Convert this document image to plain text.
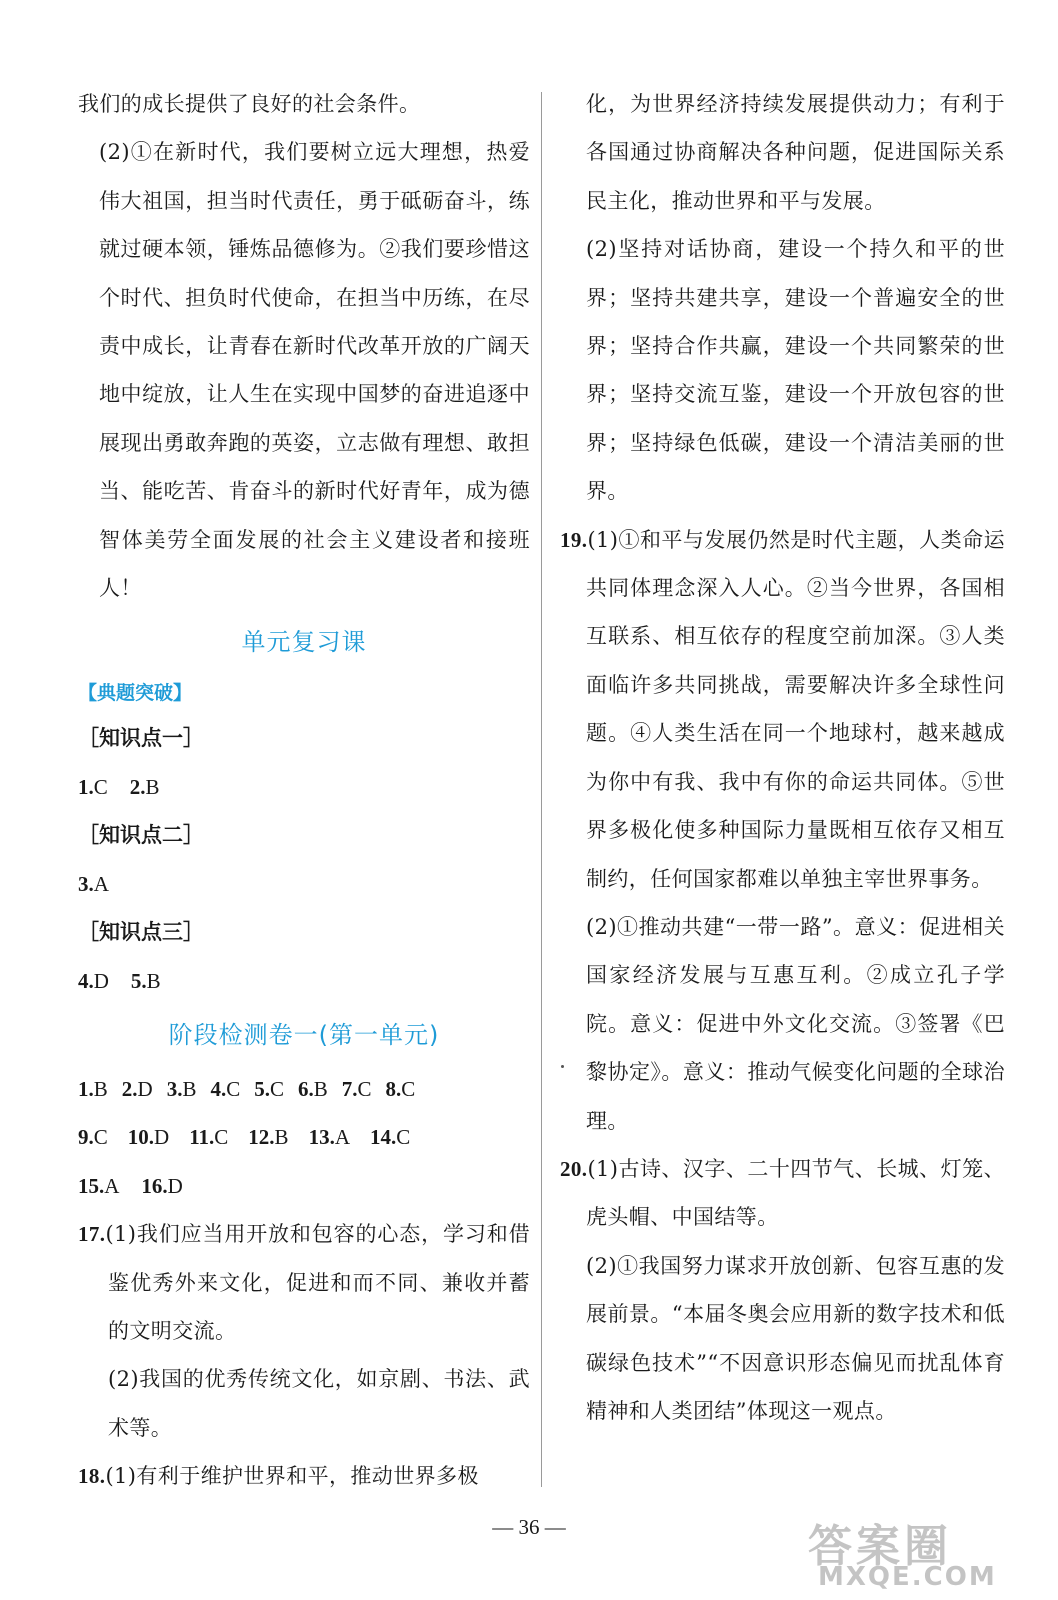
我们的成长提供了良好的社会条件。

(2)①在新时代，我们要树立远大理想，热爱伟大祖国，担当时代责任，勇于砥砺奋斗，练就过硬本领，锤炼品德修为。②我们要珍惜这个时代、担负时代使命，在担当中历练，在尽责中成长，让青春在新时代改革开放的广阔天地中绽放，让人生在实现中国梦的奋进追逐中展现出勇敢奔跑的英姿，立志做有理想、敢担当、能吃苦、肯奋斗的新时代好青年，成为德智体美劳全面发展的社会主义建设者和接班人！

单元复习课

【典题突破】

［知识点一］

1.C 2.B

［知识点二］

3.A

［知识点三］

4.D 5.B

阶段检测卷一(第一单元)

1.B 2.D 3.B 4.C 5.C 6.B 7.C 8.C

9.C 10.D 11.C 12.B 13.A 14.C

15.A 16.D

17.(1)我们应当用开放和包容的心态，学习和借鉴优秀外来文化，促进和而不同、兼收并蓄的文明交流。

(2)我国的优秀传统文化，如京剧、书法、武术等。

18.(1)有利于维护世界和平，推动世界多极

化，为世界经济持续发展提供动力；有利于各国通过协商解决各种问题，促进国际关系民主化，推动世界和平与发展。

(2)坚持对话协商，建设一个持久和平的世界；坚持共建共享，建设一个普遍安全的世界；坚持合作共赢，建设一个共同繁荣的世界；坚持交流互鉴，建设一个开放包容的世界；坚持绿色低碳，建设一个清洁美丽的世界。

19.(1)①和平与发展仍然是时代主题，人类命运共同体理念深入人心。②当今世界，各国相互联系、相互依存的程度空前加深。③人类面临许多共同挑战，需要解决许多全球性问题。④人类生活在同一个地球村，越来越成为你中有我、我中有你的命运共同体。⑤世界多极化使多种国际力量既相互依存又相互制约，任何国家都难以单独主宰世界事务。

(2)①推动共建“一带一路”。意义：促进相关国家经济发展与互惠互利。②成立孔子学院。意义：促进中外文化交流。③签署《巴黎协定》。意义：推动气候变化问题的全球治理。

20.(1)古诗、汉字、二十四节气、长城、灯笼、虎头帽、中国结等。

(2)①我国努力谋求开放创新、包容互惠的发展前景。“本届冬奥会应用新的数字技术和低碳绿色技术”“不因意识形态偏见而扰乱体育精神和人类团结”体现这一观点。

— 36 —	答案圈
MXQE.COM
